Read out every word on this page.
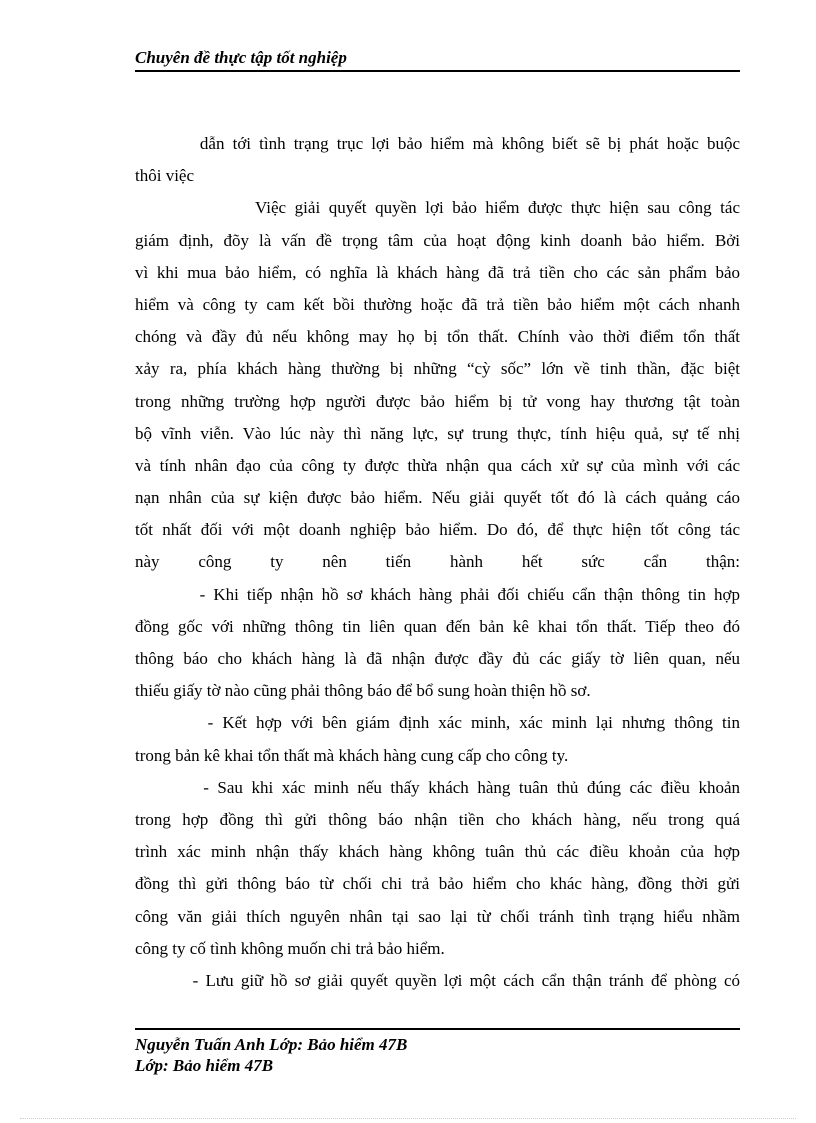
Chuyên đề thực tập tốt nghiệp
dẫn tới tình trạng trục lợi bảo hiểm mà không biết sẽ bị phát hoặc buộc
thôi việc
Việc giải quyết quyền lợi bảo hiểm được thực hiện sau công tác
giám định, đõy là vấn đề trọng tâm của hoạt động kinh doanh bảo hiểm. Bởi
vì khi mua bảo hiểm, có nghĩa là khách hàng đã trả tiền cho các sản phẩm bảo
hiểm và công ty cam kết bồi thường hoặc đã trả tiền bảo hiểm một cách nhanh
chóng và đầy đủ nếu không may họ bị tổn thất. Chính vào thời điểm tổn thất
xảy ra, phía khách hàng thường bị những “cỳ sốc” lớn về tinh thần, đặc biệt
trong những trường hợp người được bảo hiểm bị tử vong hay thương tật toàn
bộ vĩnh viễn. Vào lúc này thì năng lực, sự trung thực, tính hiệu quả, sự tế nhị
và tính nhân đạo của công ty được thừa nhận qua cách xử sự của mình với các
nạn nhân của sự kiện được bảo hiểm. Nếu giải quyết tốt đó là cách quảng cáo
tốt nhất đối với một doanh nghiệp bảo hiểm. Do đó, để thực hiện tốt công tác
này công ty nên tiến hành hết sức cẩn thận:
- Khi tiếp nhận hồ sơ khách hàng phải đối chiếu cẩn thận thông tin hợp
đồng gốc với những thông tin liên quan đến bản kê khai tổn thất. Tiếp theo đó
thông báo cho khách hàng là đã nhận được đầy đủ các giấy tờ liên quan, nếu
thiếu giấy tờ nào cũng phải thông báo để bổ sung hoàn thiện hồ sơ.
- Kết hợp với bên giám định xác minh, xác minh lại nhưng thông tin
trong bản kê khai tổn thất mà khách hàng cung cấp cho công ty.
- Sau khi xác minh nếu thấy khách hàng tuân thủ đúng các điều khoản
trong hợp đồng thì gửi thông báo nhận tiền cho khách hàng, nếu trong quá
trình xác minh nhận thấy khách hàng không tuân thủ các điều khoản của hợp
đồng thì gửi thông báo từ chối chi trả bảo hiểm cho khác hàng, đồng thời gửi
công văn giải thích nguyên nhân tại sao lại từ chối tránh tình trạng hiểu nhầm
công ty cố tình không muốn chi trả bảo hiểm.
- Lưu giữ hồ sơ giải quyết quyền lợi một cách cẩn thận tránh để phòng có
Nguyễn Tuấn Anh Lớp: Bảo hiểm 47B
Lớp: Bảo hiểm 47B
